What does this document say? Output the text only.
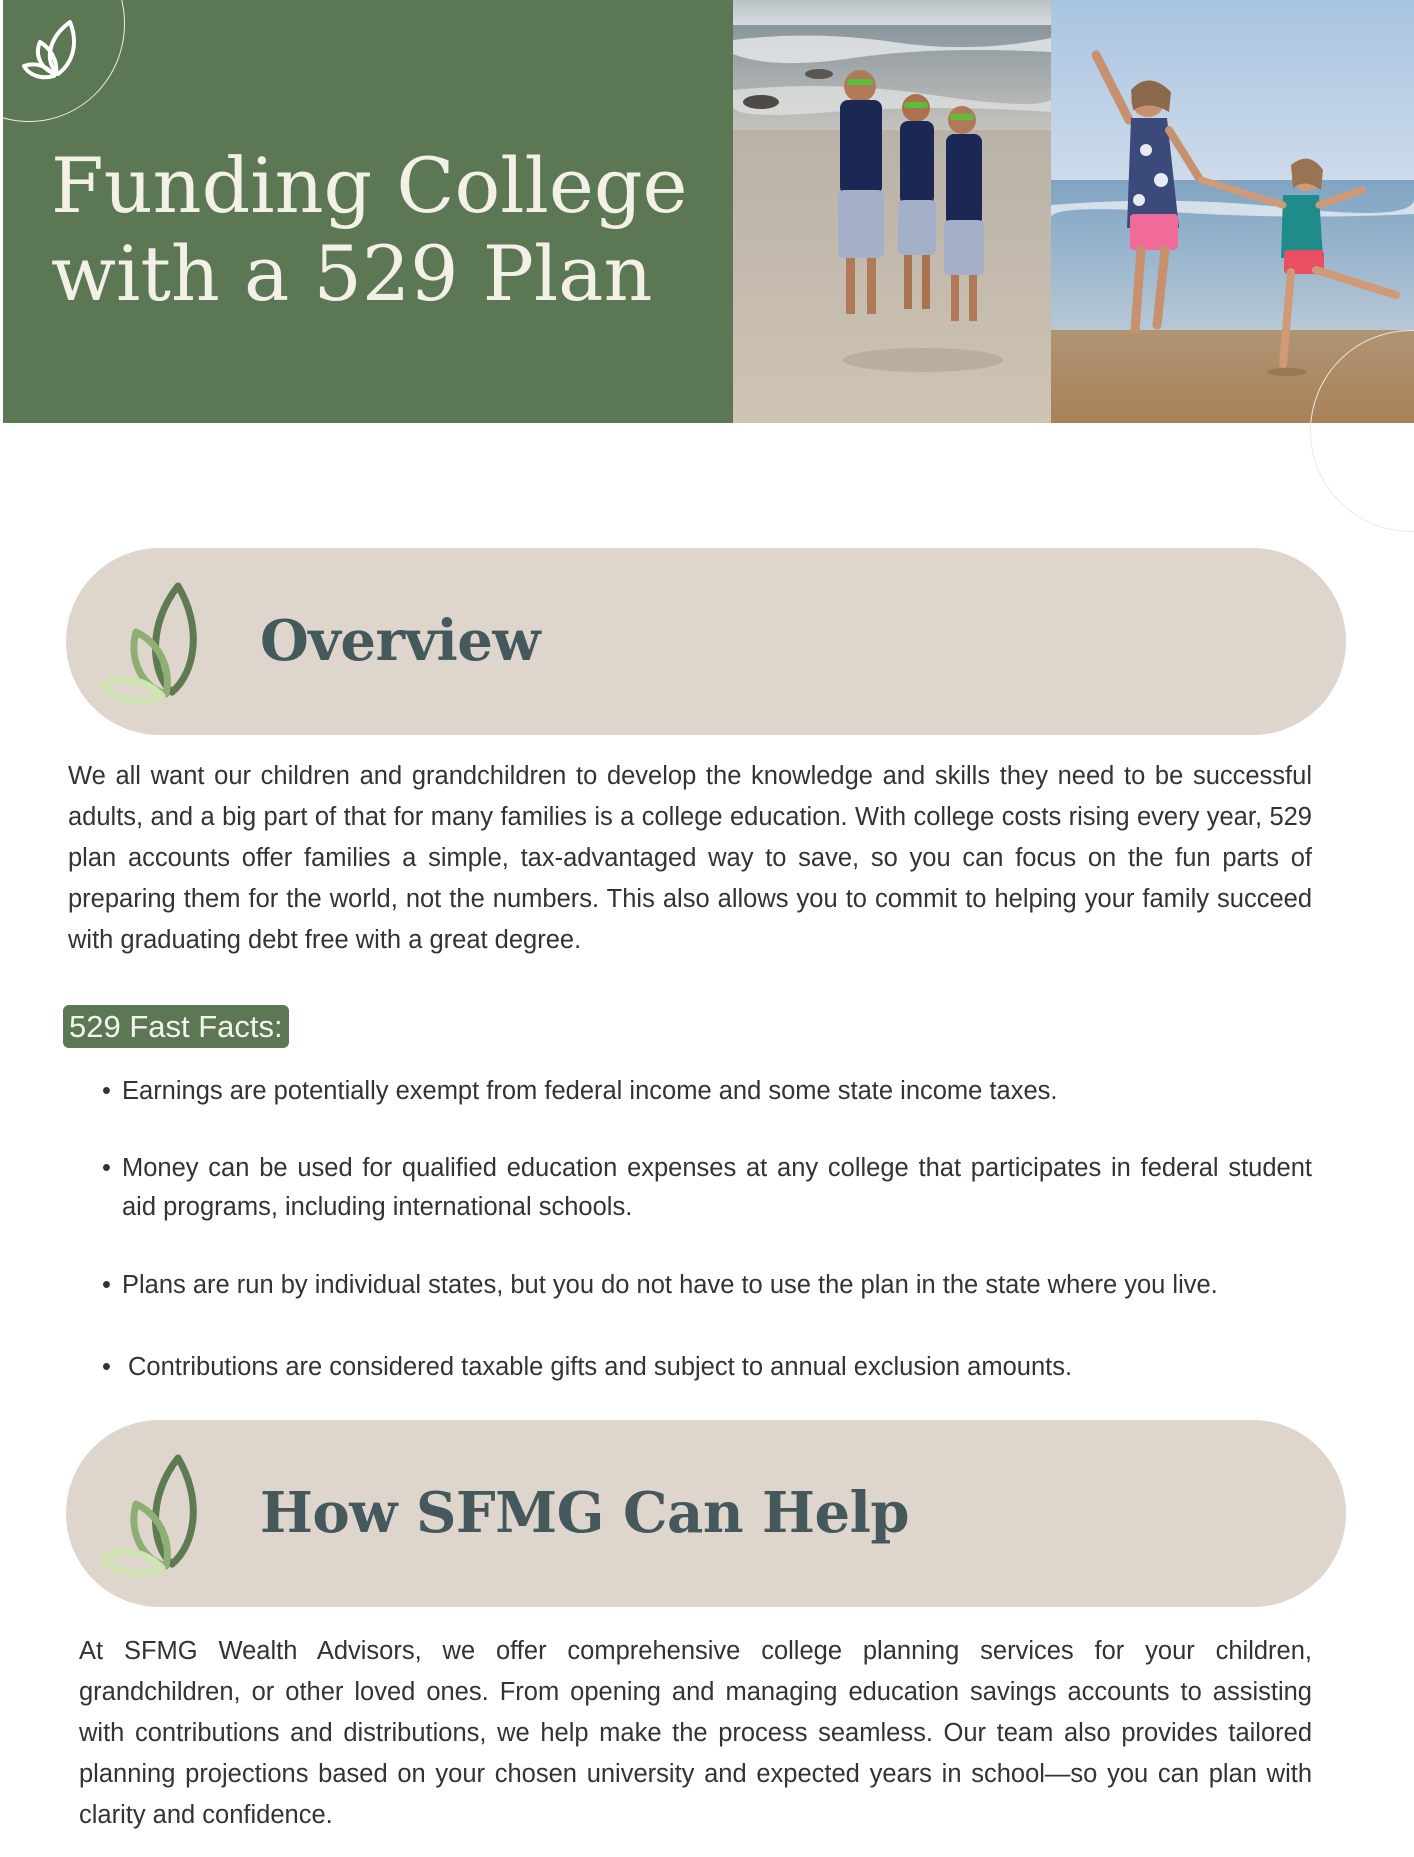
Funding College
with a 529 Plan
Overview

We all want our children and grandchildren to develop the knowledge and skills they need to be successful adults, and a big part of that for many families is a college education. With college costs rising every year, 529 plan accounts offer families a simple, tax-advantaged way to save, so you can focus on the fun parts of preparing them for the world, not the numbers. This also allows you to commit to helping your family succeed with graduating debt free with a great degree.

529 Fast Facts:
• Earnings are potentially exempt from federal income and some state income taxes.
• Money can be used for qualified education expenses at any college that participates in federal student aid programs, including international schools.
• Plans are run by individual states, but you do not have to use the plan in the state where you live.
• Contributions are considered taxable gifts and subject to annual exclusion amounts.
How SFMG Can Help

At SFMG Wealth Advisors, we offer comprehensive college planning services for your children, grandchildren, or other loved ones. From opening and managing education savings accounts to assisting with contributions and distributions, we help make the process seamless. Our team also provides tailored planning projections based on your chosen university and expected years in school—so you can plan with clarity and confidence.
